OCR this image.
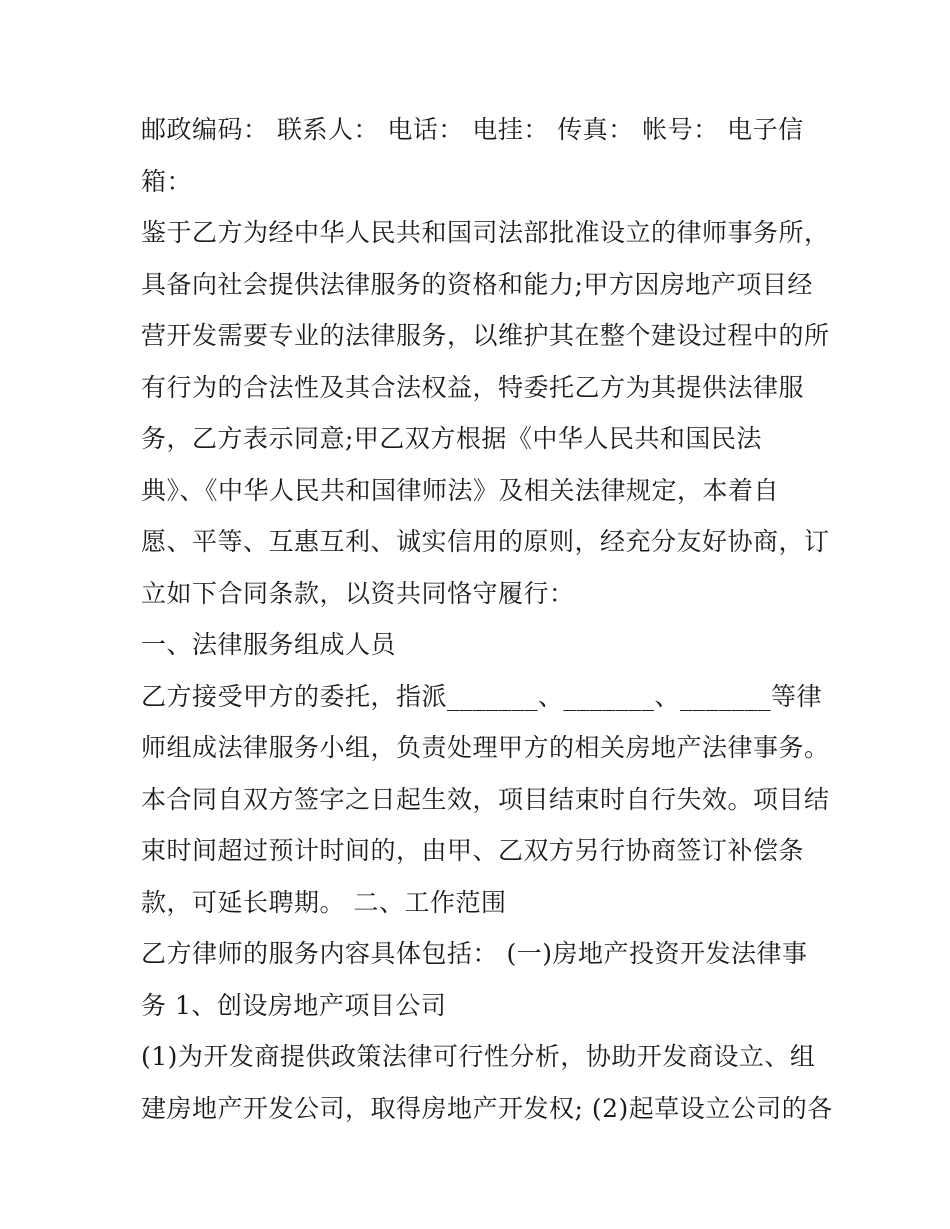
邮政编码： 联系人： 电话： 电挂： 传真： 帐号： 电子信
箱：
鉴于乙方为经中华人民共和国司法部批准设立的律师事务所，
具备向社会提供法律服务的资格和能力;甲方因房地产项目经
营开发需要专业的法律服务，以维护其在整个建设过程中的所
有行为的合法性及其合法权益，特委托乙方为其提供法律服
务，乙方表示同意;甲乙双方根据《中华人民共和国民法
典》、《中华人民共和国律师法》及相关法律规定，本着自
愿、平等、互惠互利、诚实信用的原则，经充分友好协商，订
立如下合同条款，以资共同恪守履行：
一、法律服务组成人员
乙方接受甲方的委托，指派_______、_______、_______等律
师组成法律服务小组，负责处理甲方的相关房地产法律事务。
本合同自双方签字之日起生效，项目结束时自行失效。项目结
束时间超过预计时间的，由甲、乙双方另行协商签订补偿条
款，可延长聘期。 二、工作范围
乙方律师的服务内容具体包括： (一)房地产投资开发法律事
务 1、创设房地产项目公司
(1)为开发商提供政策法律可行性分析，协助开发商设立、组
建房地产开发公司，取得房地产开发权; (2)起草设立公司的各
